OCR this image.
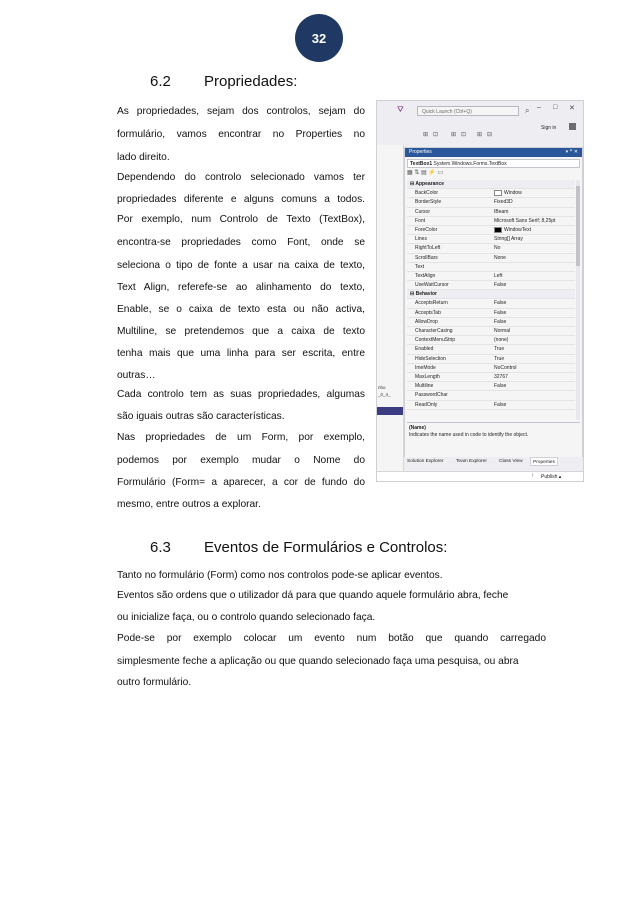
32
6.2 Propriedades:
As propriedades, sejam dos controlos, sejam do
formulário, vamos encontrar no Properties no
lado direito.
Dependendo do controlo selecionado vamos ter
propriedades diferente e alguns comuns a todos.
Por exemplo, num Controlo de Texto (TextBox),
encontra-se propriedades como Font, onde se
seleciona o tipo de fonte a usar na caixa de texto,
Text Align, referefe-se ao alinhamento do texto,
Enable, se o caixa de texto esta ou não activa,
Multiline, se pretendemos que a caixa de texto
tenha mais que uma linha para ser escrita, entre
outras…
Cada controlo tem as suas propriedades, algumas
são iguais outras são características.
Nas propriedades de um Form, por exemplo,
podemos por exemplo mudar o Nome do
Formulário (Form= a aparecer, a cor de fundo do
mesmo, entre outros a explorar.
⛛	Quick Launch (Ctrl+Q)	⌕ – □ ✕
Sign in
⊞ ⊡ ⊞ ⊡ ⊞ ⊟
nho
_0_4_
Properties	▾ ꟸ ✕
TextBox1 System.Windows.Forms.TextBox
▦ ⇅ ▤ ⚡ ▭
⊟ Appearance
BackColor	Window
BorderStyle	Fixed3D
Cursor	IBeam
Font	Microsoft Sans Serif; 8,25pt
ForeColor	WindowText
Lines	String[] Array
RightToLeft	No
ScrollBars	None
Text
TextAlign	Left
UseWaitCursor	False
⊟ Behavior
AcceptsReturn	False
AcceptsTab	False
AllowDrop	False
CharacterCasing	Normal
ContextMenuStrip	(none)
Enabled	True
HideSelection	True
ImeMode	NoControl
MaxLength	32767
Multiline	False
PasswordChar
ReadOnly	False
(Name)
Indicates the name used in code to identify the object.
Solution Explorer	Team Explorer	Class View	Properties
↑ Publish ▴
6.3 Eventos de Formulários e Controlos:
Tanto no formulário (Form) como nos controlos pode-se aplicar eventos.
Eventos são ordens que o utilizador dá para que quando aquele formulário abra, feche
ou inicialize faça, ou o controlo quando selecionado faça.
Pode-se por exemplo colocar um evento num botão que quando carregado
simplesmente feche a aplicação ou que quando selecionado faça uma pesquisa, ou abra
outro formulário.
